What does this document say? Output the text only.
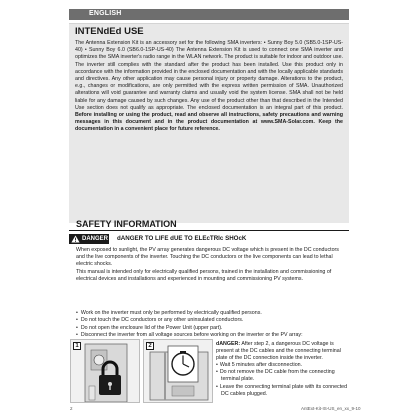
ENGLISH
INTENdEd USE
The Antenna Extension Kit is an accessory set for the following SMA inverters: • Sunny Boy 5.0 (SB5.0-1SP-US-40) • Sunny Boy 6.0 (SB6.0-1SP-US-40) The Antenna Extension Kit is used to connect one SMA inverter and optimizes the SMA inverter's radio range in the WLAN network. The product is suitable for indoor and outdoor use. The inverter still complies with the standard after the product has been installed. Use this product only in accordance with the information provided in the enclosed documentation and with the locally applicable standards and directives. Any other application may cause personal injury or property damage. Alterations to the product, e.g., changes or modifications, are only permitted with the express written permission of SMA. Unauthorized alterations will void guarantee and warranty claims and usually void the system license. SMA shall not be held liable for any damage caused by such changes. Any use of the product other than that described in the Intended Use section does not qualify as appropriate. The enclosed documentation is an integral part of this product. Before installing or using the product, read and observe all instructions, safety precautions and warning messages in this document and in the product documentation at www.SMA-Solar.com. Keep the documentation in a convenient place for future reference.
SAFETY INFORMATION
DANGER dANGER TO LIFE dUE TO ELEcTRIc SHOcK
When exposed to sunlight, the PV array generates dangerous DC voltage which is present in the DC conductors and the live components of the inverter. Touching the DC conductors or the live components can lead to lethal electric shocks.
This manual is intended only for electrically qualified persons, trained in the installation and commissioning of electrical devices and installations and experienced in mounting and commissioning PV systems.
• Work on the inverter must only be performed by electrically qualified persons.
• Do not touch the DC conductors or any other uninsulated conductors.
• Do not open the enclosure lid of the Power Unit (upper part).
• Disconnect the inverter from all voltage sources before working on the inverter or the PV array:
1	2	dANGER: After step 2, a dangerous DC voltage is present at the DC cables and the connecting terminal plate of the DC connection inside the inverter.
• Wait 5 minutes after disconnection.
• Do not remove the DC cable from the connecting terminal plate.
• Leave the connecting terminal plate with its connected DC cables plugged.
2	AntExt-Kit-IS-US_en_xx_9-10
